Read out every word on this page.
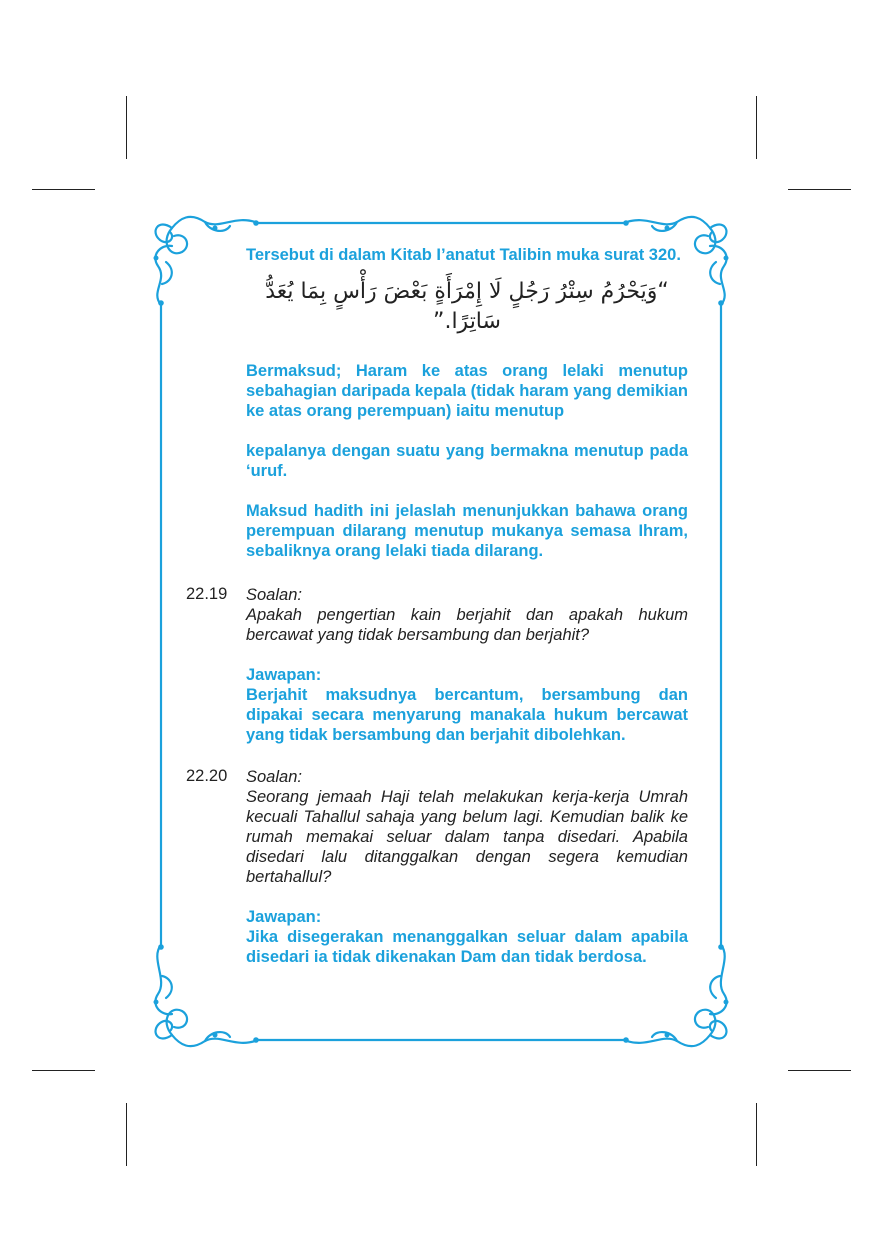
Tersebut di dalam Kitab I’anatut Talibin muka surat 320.

“وَيَحْرُمُ سِتْرُ رَجُلٍ لَا إِمْرَأَةٍ بَعْضَ رَأْسٍ بِمَا يُعَدُّ سَاتِرًا.”

Bermaksud; Haram ke atas orang lelaki menutup sebahagian daripada kepala (tidak haram yang demikian ke atas orang perempuan) iaitu menutup

kepalanya dengan suatu yang bermakna menutup pada ‘uruf.

Maksud hadith ini jelaslah menunjukkan bahawa orang perempuan dilarang menutup mukanya semasa Ihram, sebaliknya orang lelaki tiada dilarang.

22.19 Soalan:

Apakah pengertian kain berjahit dan apakah hukum bercawat yang tidak bersambung dan berjahit?

Jawapan:

Berjahit maksudnya bercantum, bersambung dan dipakai secara menyarung manakala hukum bercawat yang tidak bersambung dan berjahit dibolehkan.

22.20 Soalan:

Seorang jemaah Haji telah melakukan kerja-kerja Umrah kecuali Tahallul sahaja yang belum lagi. Kemudian balik ke rumah memakai seluar dalam tanpa disedari. Apabila disedari lalu ditanggalkan dengan segera kemudian bertahallul?

Jawapan:

Jika disegerakan menanggalkan seluar dalam apabila disedari ia tidak dikenakan Dam dan tidak berdosa.
